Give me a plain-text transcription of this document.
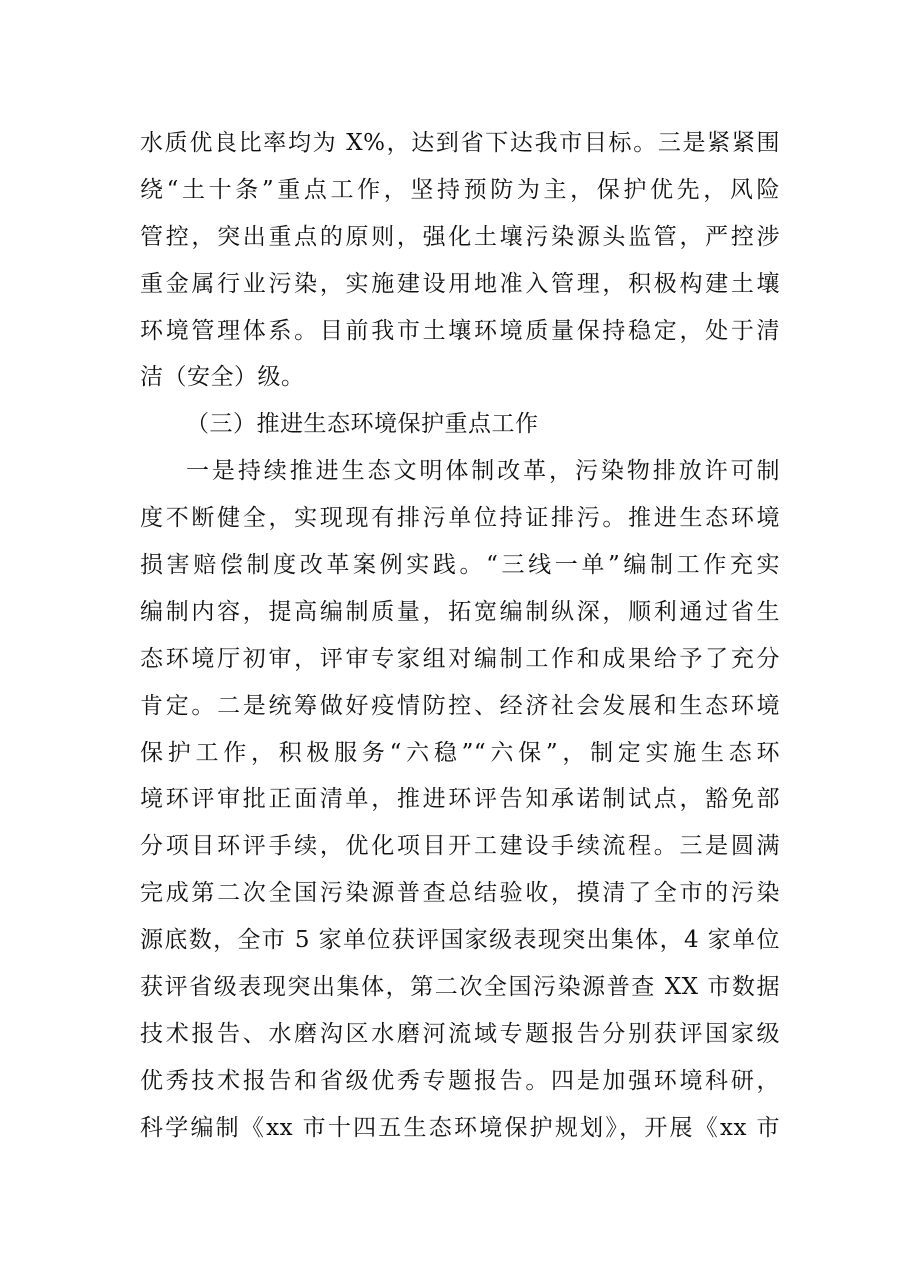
水质优良比率均为 X%，达到省下达我市目标。三是紧紧围
绕“土十条”重点工作，坚持预防为主，保护优先，风险
管控，突出重点的原则，强化土壤污染源头监管，严控涉
重金属行业污染，实施建设用地准入管理，积极构建土壤
环境管理体系。目前我市土壤环境质量保持稳定，处于清
洁（安全）级。
（三）推进生态环境保护重点工作
一是持续推进生态文明体制改革，污染物排放许可制
度不断健全，实现现有排污单位持证排污。推进生态环境
损害赔偿制度改革案例实践。“三线一单”编制工作充实
编制内容，提高编制质量，拓宽编制纵深，顺利通过省生
态环境厅初审，评审专家组对编制工作和成果给予了充分
肯定。二是统筹做好疫情防控、经济社会发展和生态环境
保护工作，积极服务“六稳”“六保”，制定实施生态环
境环评审批正面清单，推进环评告知承诺制试点，豁免部
分项目环评手续，优化项目开工建设手续流程。三是圆满
完成第二次全国污染源普查总结验收，摸清了全市的污染
源底数，全市 5 家单位获评国家级表现突出集体，4 家单位
获评省级表现突出集体，第二次全国污染源普查 XX 市数据
技术报告、水磨沟区水磨河流域专题报告分别获评国家级
优秀技术报告和省级优秀专题报告。四是加强环境科研，
科学编制《xx 市十四五生态环境保护规划》，开展《xx 市
